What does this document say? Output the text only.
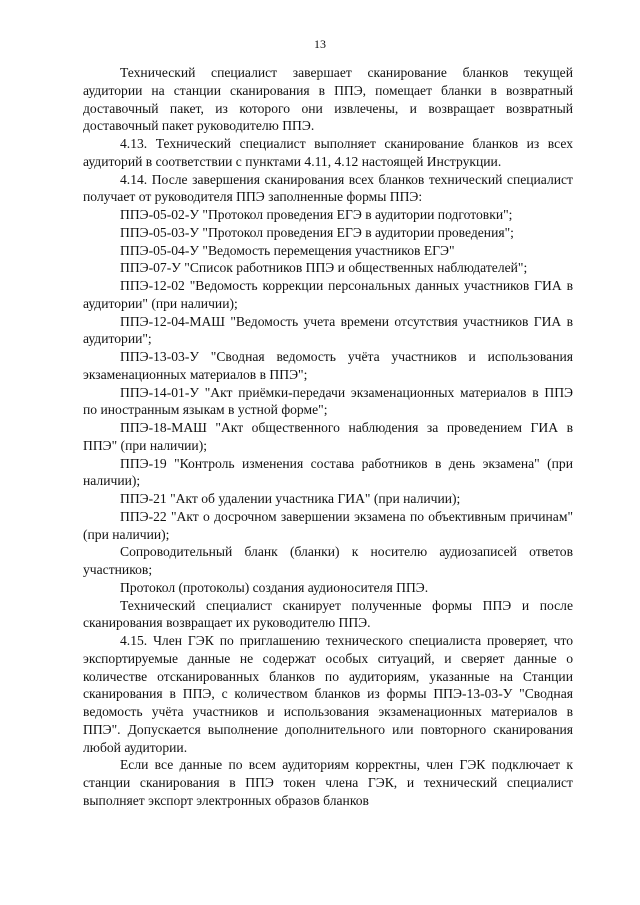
13

Технический специалист завершает сканирование бланков текущей аудитории на станции сканирования в ППЭ, помещает бланки в возвратный доставочный пакет, из которого они извлечены, и возвращает возвратный доставочный пакет руководителю ППЭ.

4.13. Технический специалист выполняет сканирование бланков из всех аудиторий в соответствии с пунктами 4.11, 4.12 настоящей Инструкции.

4.14. После завершения сканирования всех бланков технический специалист получает от руководителя ППЭ заполненные формы ППЭ:

ППЭ-05-02-У "Протокол проведения ЕГЭ в аудитории подготовки";

ППЭ-05-03-У "Протокол проведения ЕГЭ в аудитории проведения";

ППЭ-05-04-У "Ведомость перемещения участников ЕГЭ"

ППЭ-07-У "Список работников ППЭ и общественных наблюдателей";

ППЭ-12-02 "Ведомость коррекции персональных данных участников ГИА в аудитории" (при наличии);

ППЭ-12-04-МАШ "Ведомость учета времени отсутствия участников ГИА в аудитории";

ППЭ-13-03-У "Сводная ведомость учёта участников и использования экзаменационных материалов в ППЭ";

ППЭ-14-01-У "Акт приёмки-передачи экзаменационных материалов в ППЭ по иностранным языкам в устной форме";

ППЭ-18-МАШ "Акт общественного наблюдения за проведением ГИА в ППЭ" (при наличии);

ППЭ-19 "Контроль изменения состава работников в день экзамена" (при наличии);

ППЭ-21 "Акт об удалении участника ГИА" (при наличии);

ППЭ-22 "Акт о досрочном завершении экзамена по объективным причинам" (при наличии);

Сопроводительный бланк (бланки) к носителю аудиозаписей ответов участников;

Протокол (протоколы) создания аудионосителя ППЭ.

Технический специалист сканирует полученные формы ППЭ и после сканирования возвращает их руководителю ППЭ.

4.15. Член ГЭК по приглашению технического специалиста проверяет, что экспортируемые данные не содержат особых ситуаций, и сверяет данные о количестве отсканированных бланков по аудиториям, указанные на Станции сканирования в ППЭ, с количеством бланков из формы ППЭ-13-03-У "Сводная ведомость учёта участников и использования экзаменационных материалов в ППЭ". Допускается выполнение дополнительного или повторного сканирования любой аудитории.

Если все данные по всем аудиториям корректны, член ГЭК подключает к станции сканирования в ППЭ токен члена ГЭК, и технический специалист выполняет экспорт электронных образов бланков
